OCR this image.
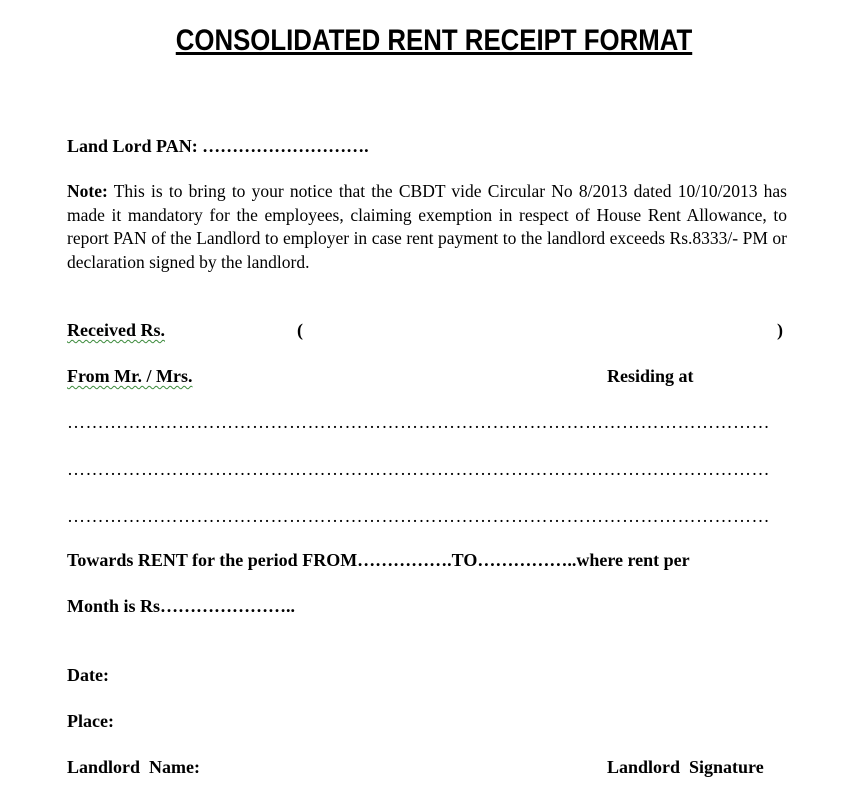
CONSOLIDATED RENT RECEIPT FORMAT
Land Lord PAN: ……………………….
Note: This is to bring to your notice that the CBDT vide Circular No 8/2013 dated 10/10/2013 has made it mandatory for the employees, claiming exemption in respect of House Rent Allowance, to report PAN of the Landlord to employer in case rent payment to the landlord exceeds Rs.8333/- PM or declaration signed by the landlord.
Received Rs.	(	)
From Mr. / Mrs.	Residing at
……………………………………………………………………………………………………
……………………………………………………………………………………………………
……………………………………………………………………………………………………
Towards RENT for the period FROM…………….TO……………..where rent per
Month is Rs…………………..
Date:
Place:
Landlord  Name:	Landlord  Signature
